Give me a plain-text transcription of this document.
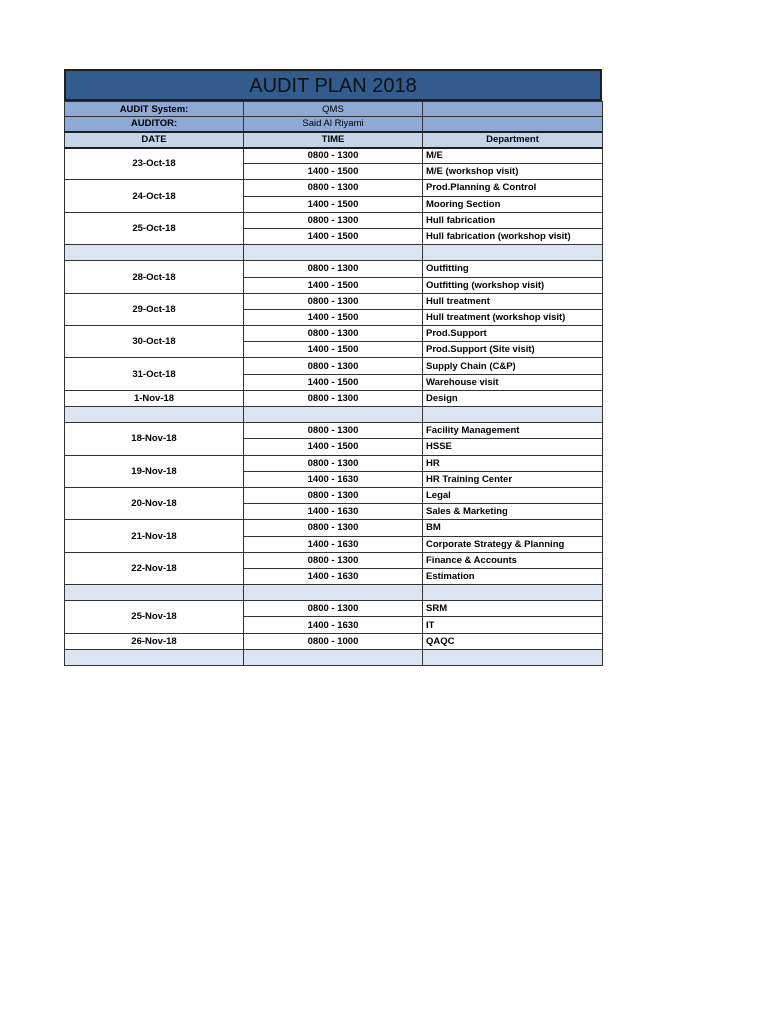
AUDIT PLAN 2018
AUDIT System:	QMS	
AUDITOR:	Said Al Riyami	
DATE	TIME	Department
23-Oct-18	0800 - 1300	M/E
	1400 - 1500	M/E (workshop visit)
24-Oct-18	0800 - 1300	Prod.Planning & Control
	1400 - 1500	Mooring Section
25-Oct-18	0800 - 1300	Hull fabrication
	1400 - 1500	Hull fabrication (workshop visit)

28-Oct-18	0800 - 1300	Outfitting
	1400 - 1500	Outfitting (workshop visit)
29-Oct-18	0800 - 1300	Hull treatment
	1400 - 1500	Hull treatment (workshop visit)
30-Oct-18	0800 - 1300	Prod.Support
	1400 - 1500	Prod.Support (Site visit)
31-Oct-18	0800 - 1300	Supply Chain (C&P)
	1400 - 1500	Warehouse visit
1-Nov-18	0800 - 1300	Design

18-Nov-18	0800 - 1300	Facility Management
	1400 - 1500	HSSE
19-Nov-18	0800 - 1300	HR
	1400 - 1630	HR Training Center
20-Nov-18	0800 - 1300	Legal
	1400 - 1630	Sales & Marketing
21-Nov-18	0800 - 1300	BM
	1400 - 1630	Corporate Strategy & Planning
22-Nov-18	0800 - 1300	Finance & Accounts
	1400 - 1630	Estimation

25-Nov-18	0800 - 1300	SRM
	1400 - 1630	IT
26-Nov-18	0800 - 1000	QAQC
